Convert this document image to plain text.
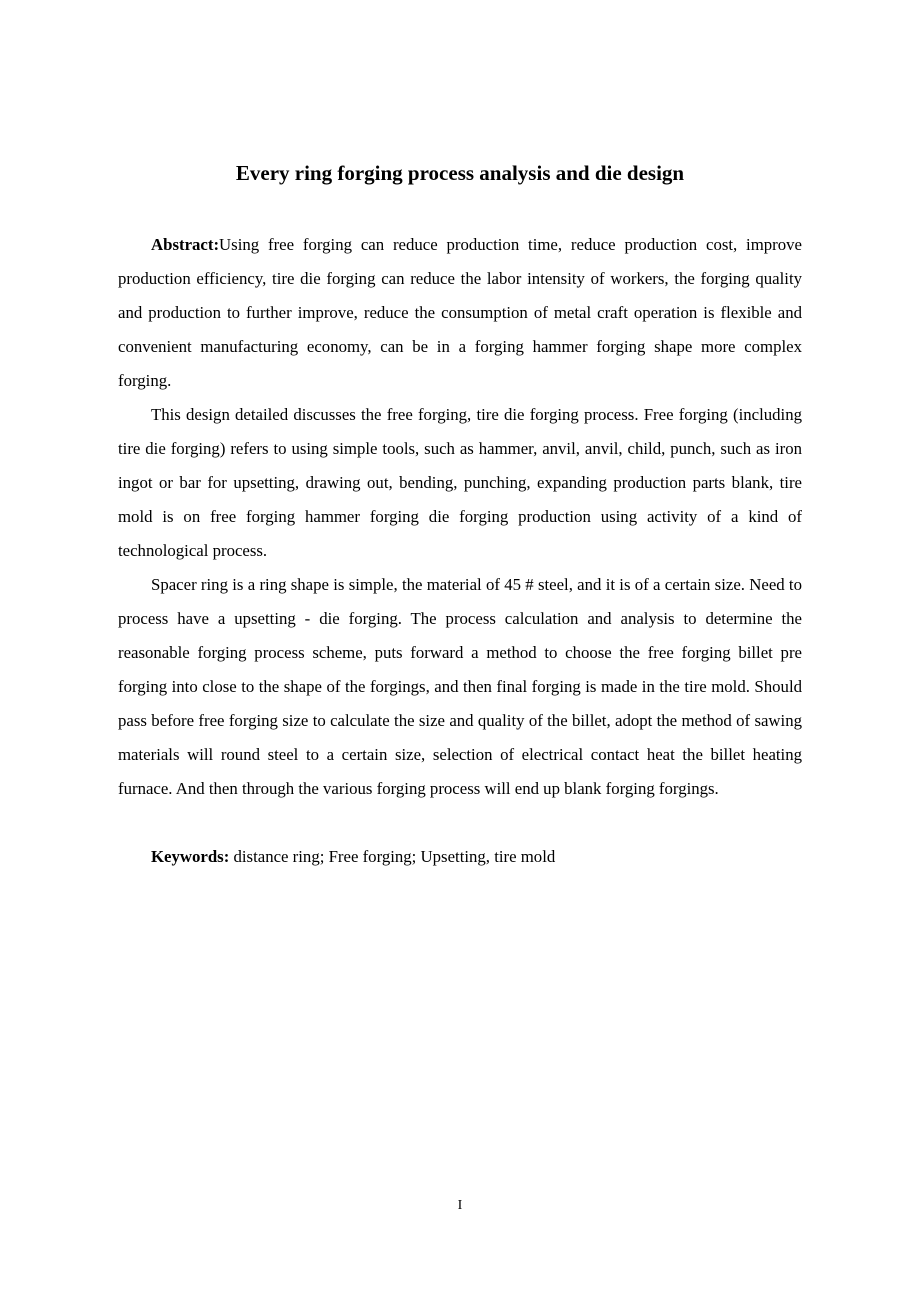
Every ring forging process analysis and die design

Abstract:Using free forging can reduce production time, reduce production cost, improve production efficiency, tire die forging can reduce the labor intensity of workers, the forging quality and production to further improve, reduce the consumption of metal craft operation is flexible and convenient manufacturing economy, can be in a forging hammer forging shape more complex forging.

This design detailed discusses the free forging, tire die forging process. Free forging (including tire die forging) refers to using simple tools, such as hammer, anvil, anvil, child, punch, such as iron ingot or bar for upsetting, drawing out, bending, punching, expanding production parts blank, tire mold is on free forging hammer forging die forging production using activity of a kind of technological process.

Spacer ring is a ring shape is simple, the material of 45 # steel, and it is of a certain size. Need to process have a upsetting - die forging. The process calculation and analysis to determine the reasonable forging process scheme, puts forward a method to choose the free forging billet pre forging into close to the shape of the forgings, and then final forging is made in the tire mold. Should pass before free forging size to calculate the size and quality of the billet, adopt the method of sawing materials will round steel to a certain size, selection of electrical contact heat the billet heating furnace. And then through the various forging process will end up blank forging forgings.

Keywords: distance ring; Free forging; Upsetting, tire mold

I
